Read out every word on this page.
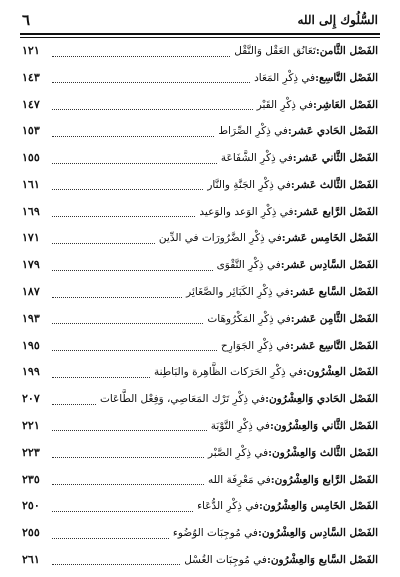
٦	السُّلُوك إِلى الله
الفَصْل الثَّامن:
تَعَانُق العَقْل وَالنَّقْل
١٢١
الفَصْل التَّاسِع:
في ذِكْرِ المَعَاد
١٤٣
الفَصْل العَاشِر:
في ذِكْرِ القَبْر
١٤٧
الفَصْل الحَادي عَشر:
في ذِكْرِ الصِّرَاط
١٥٣
الفَصْل الثَّاني عَشر:
في ذِكْرِ الشَّفَاعَة
١٥٥
الفَصْل الثَّالث عَشر:
في ذِكْرِ الجَنَّةِ والنَّار
١٦١
الفَصْل الرَّابع عَشر:
في ذِكْرِ الوَعد والوَعيد
١٦٩
الفَصْل الخَامِس عَشر:
في ذِكْرِ الضَّرُورَات في الدِّين
١٧١
الفَصْل السَّادِس عَشر:
في ذِكْرِ التَّقْوَى
١٧٩
الفَصْل السَّابع عَشر:
في ذِكْرِ الكَبَائِر والصَّغَائِر
١٨٧
الفَصْل الثَّامِن عَشر:
في ذِكْرِ المَكْرُوهَات
١٩٣
الفَصْل التَّاسِع عَشر:
في ذِكْرِ الجَوَارِح
١٩٥
الفَصْل العِشْرُون:
في ذِكْرِ الحَرَكات الظَّاهِرة والبَاطِنة
١٩٩
الفَصْل الحَادي وَالعِشْرُون:
في ذِكْرِ تَرْك المَعَاصِي، وَفِعْل الطَّاعَات
٢٠٧
الفَصْل الثَّاني وَالعِشْرُون:
في ذِكْرِ التَّوْبَة
٢٢١
الفَصْل الثَّالث وَالعِشْرُون:
في ذِكْرِ الصَّبْر
٢٢٣
الفَصْل الرَّابع وَالعِشْرُون:
في مَعْرِفَة الله
٢٣٥
الفَصْل الخَامِس وَالعِشْرُون:
في ذِكْرِ الدُّعَاء
٢٥٠
الفَصْل السَّادِس وَالعِشْرُون:
في مُوجِبَات الوُضُوء
٢٥٥
الفَصْل السَّابع وَالعِشْرُون:
في مُوجِبَات الغُسْل
٢٦١
